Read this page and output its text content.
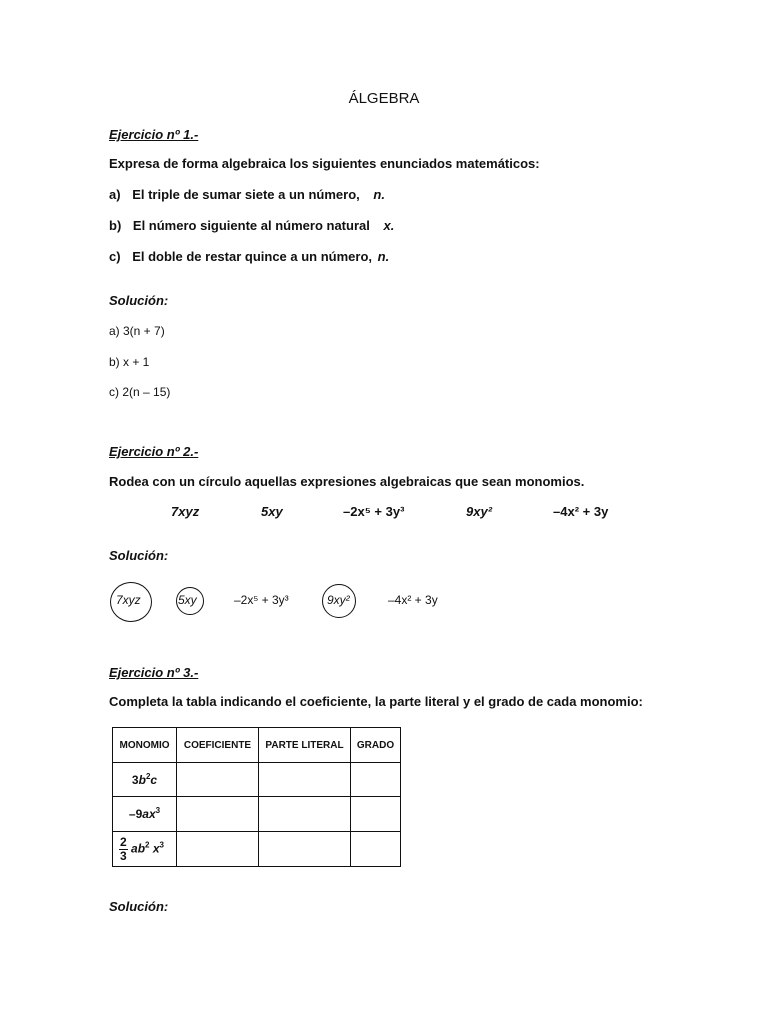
ÁLGEBRA
Ejercicio nº 1.-
Expresa de forma algebraica los siguientes enunciados matemáticos:
a) El triple de sumar siete a un número, n.
b) El número siguiente al número natural x.
c) El doble de restar quince a un número, n.
Solución:
a) 3(n + 7)
b) x + 1
c) 2(n – 15)
Ejercicio nº 2.-
Rodea con un círculo aquellas expresiones algebraicas que sean monomios.
7xyz	5xy	–2x⁵ + 3y³	9xy²	–4x² + 3y
Solución:
7xyz	5xy	–2x⁵ + 3y³	9xy²	–4x² + 3y
Ejercicio nº 3.-
Completa la tabla indicando el coeficiente, la parte literal y el grado de cada monomio:
MONOMIO	COEFICIENTE	PARTE LITERAL	GRADO
$3b^2c$			
$-9ax^3$			

$\frac{2}{3} ab^2$ $x^3$			
Solución:
